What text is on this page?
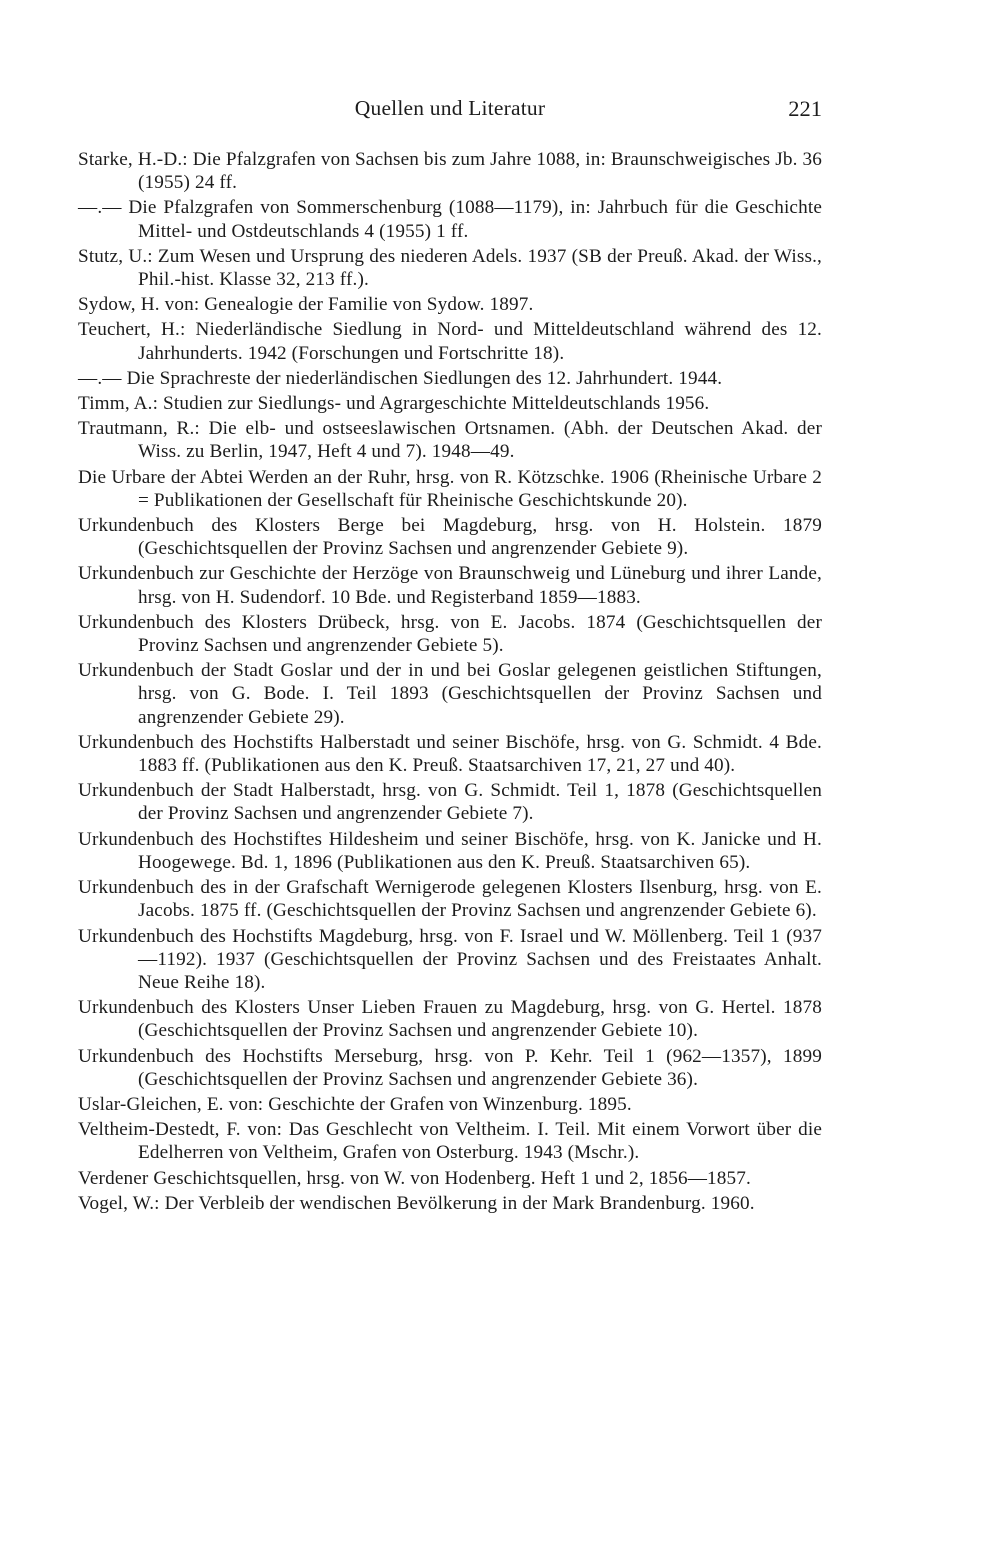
Quellen und Literatur	221

Starke, H.-D.: Die Pfalzgrafen von Sachsen bis zum Jahre 1088, in: Braunschweigisches Jb. 36 (1955) 24 ff.

—.— Die Pfalzgrafen von Sommerschenburg (1088—1179), in: Jahrbuch für die Geschichte Mittel- und Ostdeutschlands 4 (1955) 1 ff.

Stutz, U.: Zum Wesen und Ursprung des niederen Adels. 1937 (SB der Preuß. Akad. der Wiss., Phil.-hist. Klasse 32, 213 ff.).

Sydow, H. von: Genealogie der Familie von Sydow. 1897.

Teuchert, H.: Niederländische Siedlung in Nord- und Mitteldeutschland während des 12. Jahrhunderts. 1942 (Forschungen und Fortschritte 18).

—.— Die Sprachreste der niederländischen Siedlungen des 12. Jahrhundert. 1944.

Timm, A.: Studien zur Siedlungs- und Agrargeschichte Mitteldeutschlands 1956.

Trautmann, R.: Die elb- und ostseeslawischen Ortsnamen. (Abh. der Deutschen Akad. der Wiss. zu Berlin, 1947, Heft 4 und 7). 1948—49.

Die Urbare der Abtei Werden an der Ruhr, hrsg. von R. Kötzschke. 1906 (Rheinische Urbare 2 = Publikationen der Gesellschaft für Rheinische Geschichtskunde 20).

Urkundenbuch des Klosters Berge bei Magdeburg, hrsg. von H. Holstein. 1879 (Geschichtsquellen der Provinz Sachsen und angrenzender Gebiete 9).

Urkundenbuch zur Geschichte der Herzöge von Braunschweig und Lüneburg und ihrer Lande, hrsg. von H. Sudendorf. 10 Bde. und Registerband 1859—1883.

Urkundenbuch des Klosters Drübeck, hrsg. von E. Jacobs. 1874 (Geschichtsquellen der Provinz Sachsen und angrenzender Gebiete 5).

Urkundenbuch der Stadt Goslar und der in und bei Goslar gelegenen geistlichen Stiftungen, hrsg. von G. Bode. I. Teil 1893 (Geschichtsquellen der Provinz Sachsen und angrenzender Gebiete 29).

Urkundenbuch des Hochstifts Halberstadt und seiner Bischöfe, hrsg. von G. Schmidt. 4 Bde. 1883 ff. (Publikationen aus den K. Preuß. Staatsarchiven 17, 21, 27 und 40).

Urkundenbuch der Stadt Halberstadt, hrsg. von G. Schmidt. Teil 1, 1878 (Geschichtsquellen der Provinz Sachsen und angrenzender Gebiete 7).

Urkundenbuch des Hochstiftes Hildesheim und seiner Bischöfe, hrsg. von K. Janicke und H. Hoogewege. Bd. 1, 1896 (Publikationen aus den K. Preuß. Staatsarchiven 65).

Urkundenbuch des in der Grafschaft Wernigerode gelegenen Klosters Ilsenburg, hrsg. von E. Jacobs. 1875 ff. (Geschichtsquellen der Provinz Sachsen und angrenzender Gebiete 6).

Urkundenbuch des Hochstifts Magdeburg, hrsg. von F. Israel und W. Möllenberg. Teil 1 (937—1192). 1937 (Geschichtsquellen der Provinz Sachsen und des Freistaates Anhalt. Neue Reihe 18).

Urkundenbuch des Klosters Unser Lieben Frauen zu Magdeburg, hrsg. von G. Hertel. 1878 (Geschichtsquellen der Provinz Sachsen und angrenzender Gebiete 10).

Urkundenbuch des Hochstifts Merseburg, hrsg. von P. Kehr. Teil 1 (962—1357), 1899 (Geschichtsquellen der Provinz Sachsen und angrenzender Gebiete 36).

Uslar-Gleichen, E. von: Geschichte der Grafen von Winzenburg. 1895.

Veltheim-Destedt, F. von: Das Geschlecht von Veltheim. I. Teil. Mit einem Vorwort über die Edelherren von Veltheim, Grafen von Osterburg. 1943 (Mschr.).

Verdener Geschichtsquellen, hrsg. von W. von Hodenberg. Heft 1 und 2, 1856—1857.

Vogel, W.: Der Verbleib der wendischen Bevölkerung in der Mark Brandenburg. 1960.
